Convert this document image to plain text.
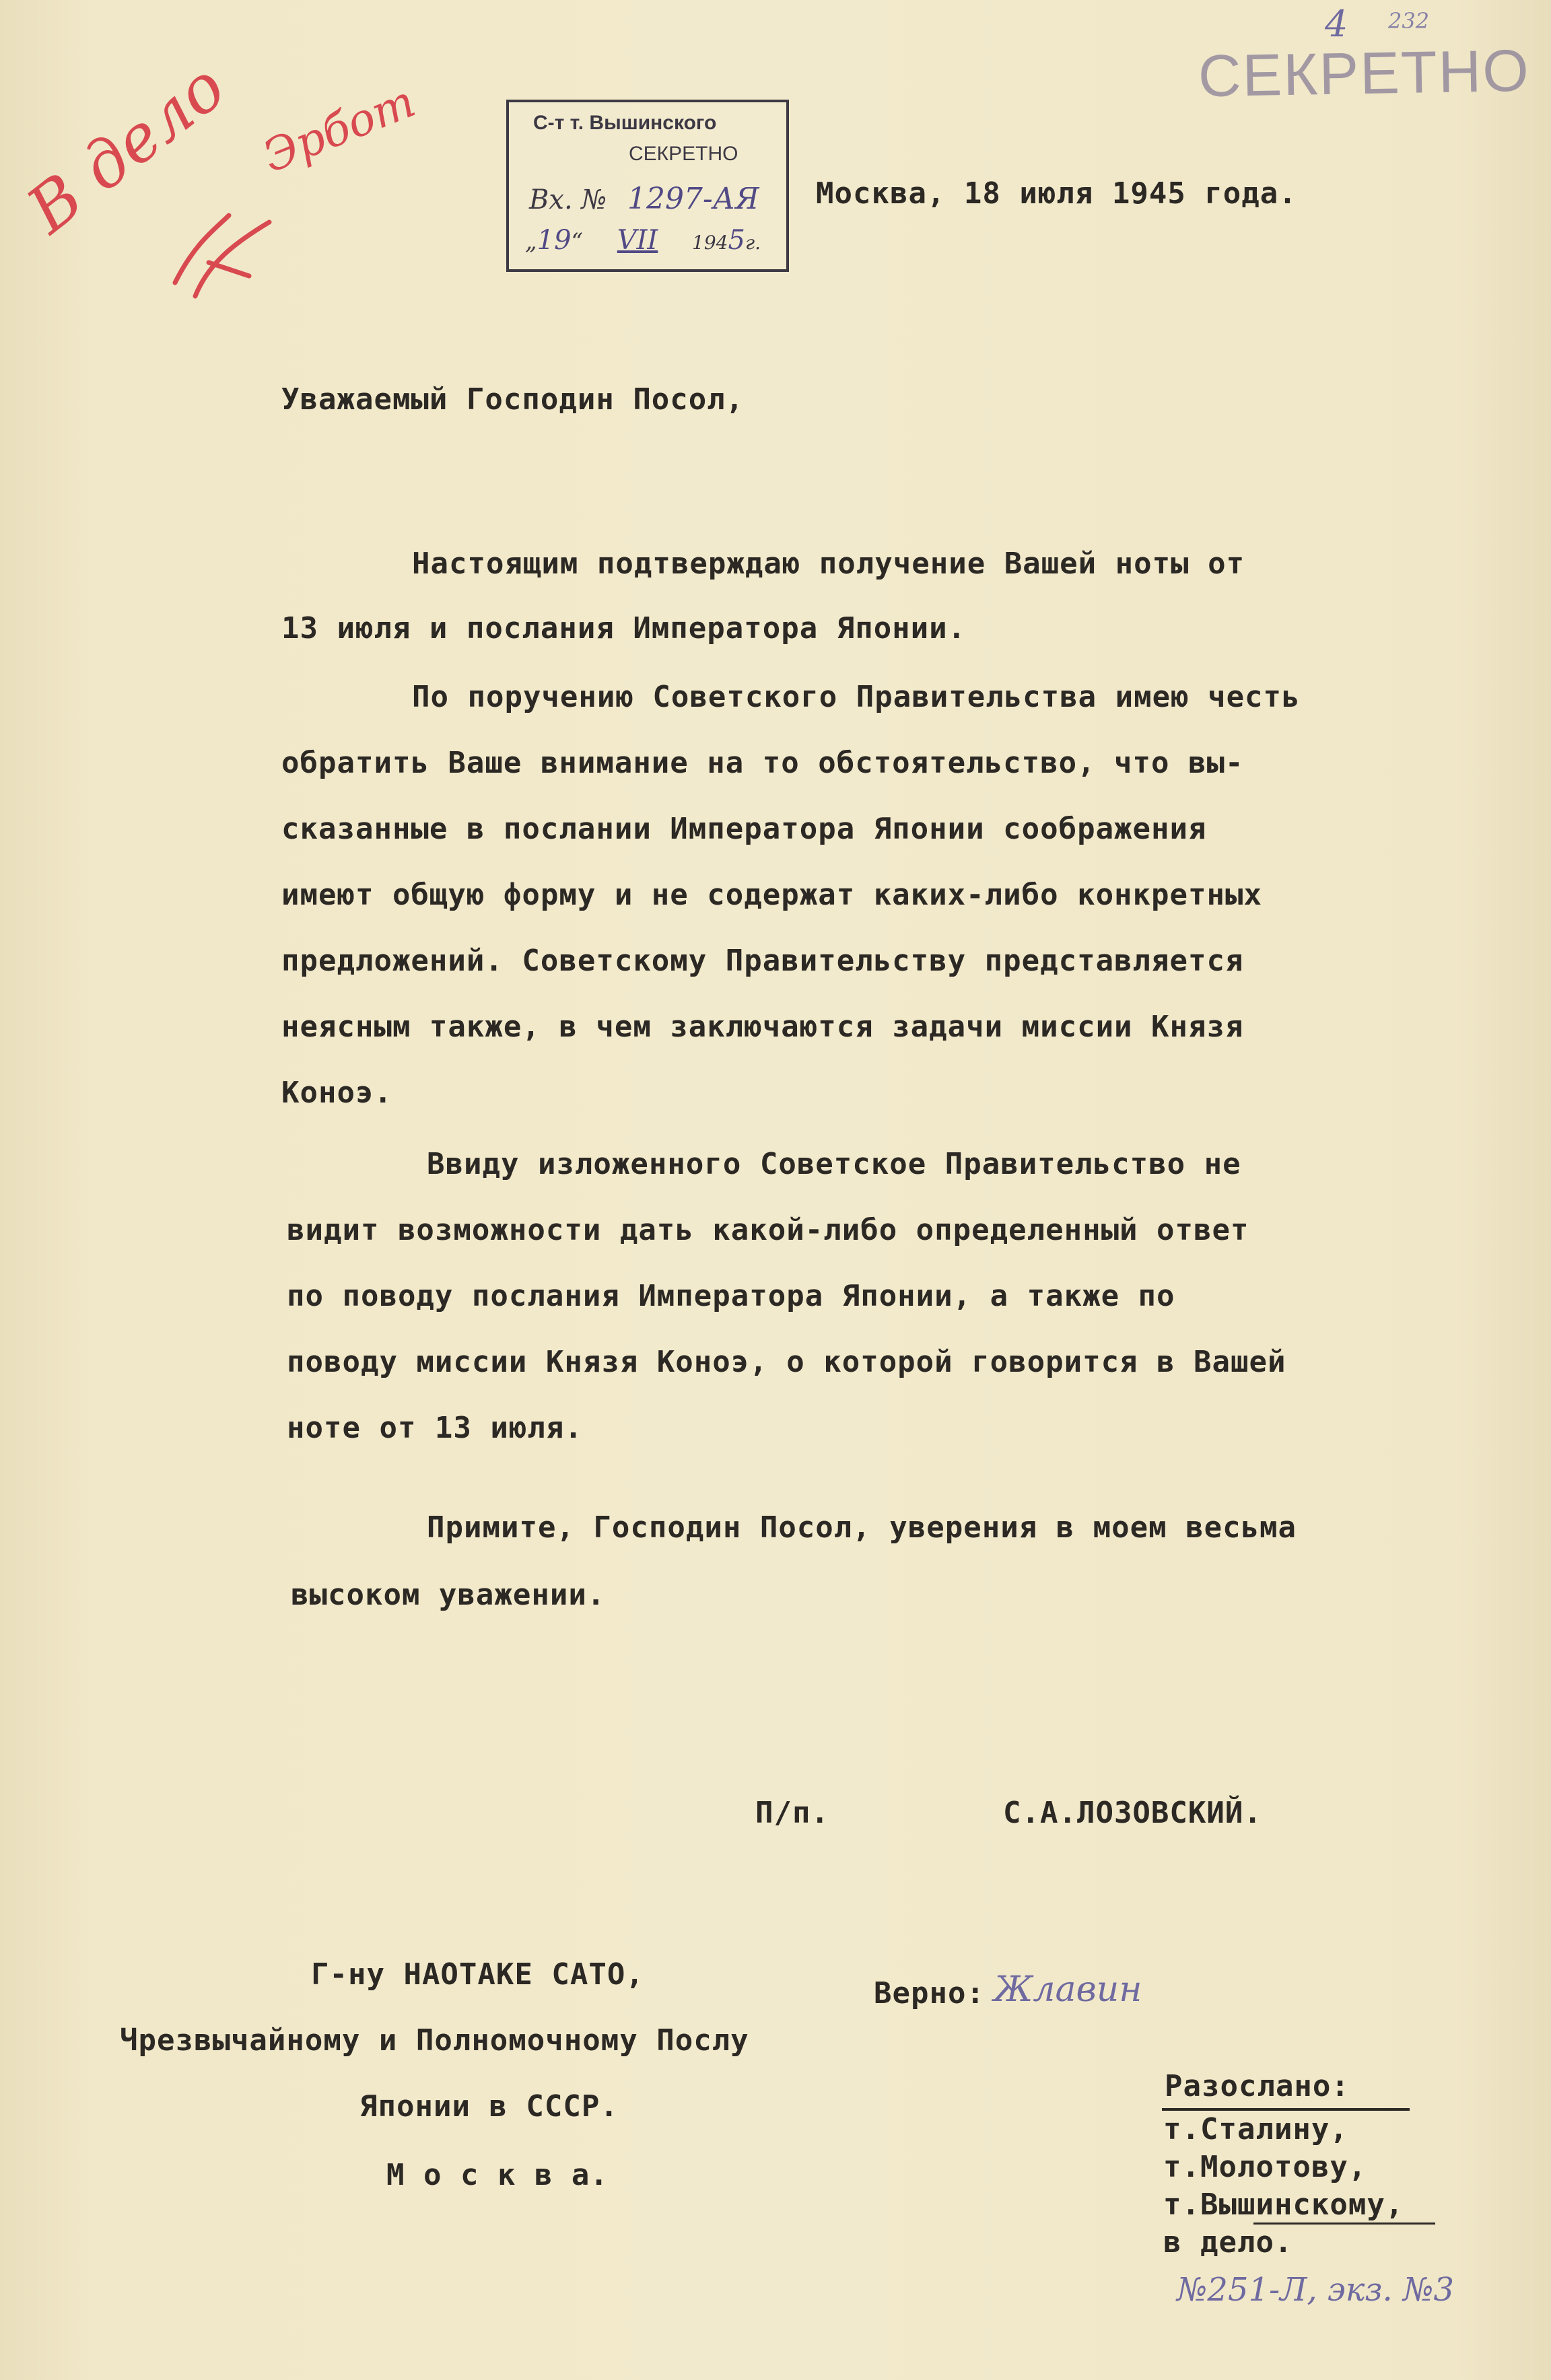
4 232
СЕКРЕТНО
В дело Эрбот	С-т т. Вышинского
СЕКРЕТНО
Вх. № 1297-АЯ
„19“ VII 1945г.
Москва, 18 июля 1945 года.
Уважаемый Господин Посол,
Настоящим подтверждаю получение Вашей ноты от
13 июля и послания Императора Японии.
По поручению Советского Правительства имею честь
обратить Ваше внимание на то обстоятельство, что вы-
сказанные в послании Императора Японии соображения
имеют общую форму и не содержат каких-либо конкретных
предложений. Советскому Правительству представляется
неясным также, в чем заключаются задачи миссии Князя
Коноэ.
Ввиду изложенного Советское Правительство не
видит возможности дать какой-либо определенный ответ
по поводу послания Императора Японии, а также по
поводу миссии Князя Коноэ, о которой говорится в Вашей
ноте от 13 июля.
Примите, Господин Посол, уверения в моем весьма
высоком уважении.
П/п.	С.А.ЛОЗОВСКИЙ.
Г-ну НАОТАКЕ САТО,
Чрезвычайному и Полномочному Послу
Японии в СССР.
М о с к в а.
Верно: Жлавин
Разослано:
т.Сталину,
т.Молотову,
т.Вышинскому,
в дело.
№251-Л, экз. №3
